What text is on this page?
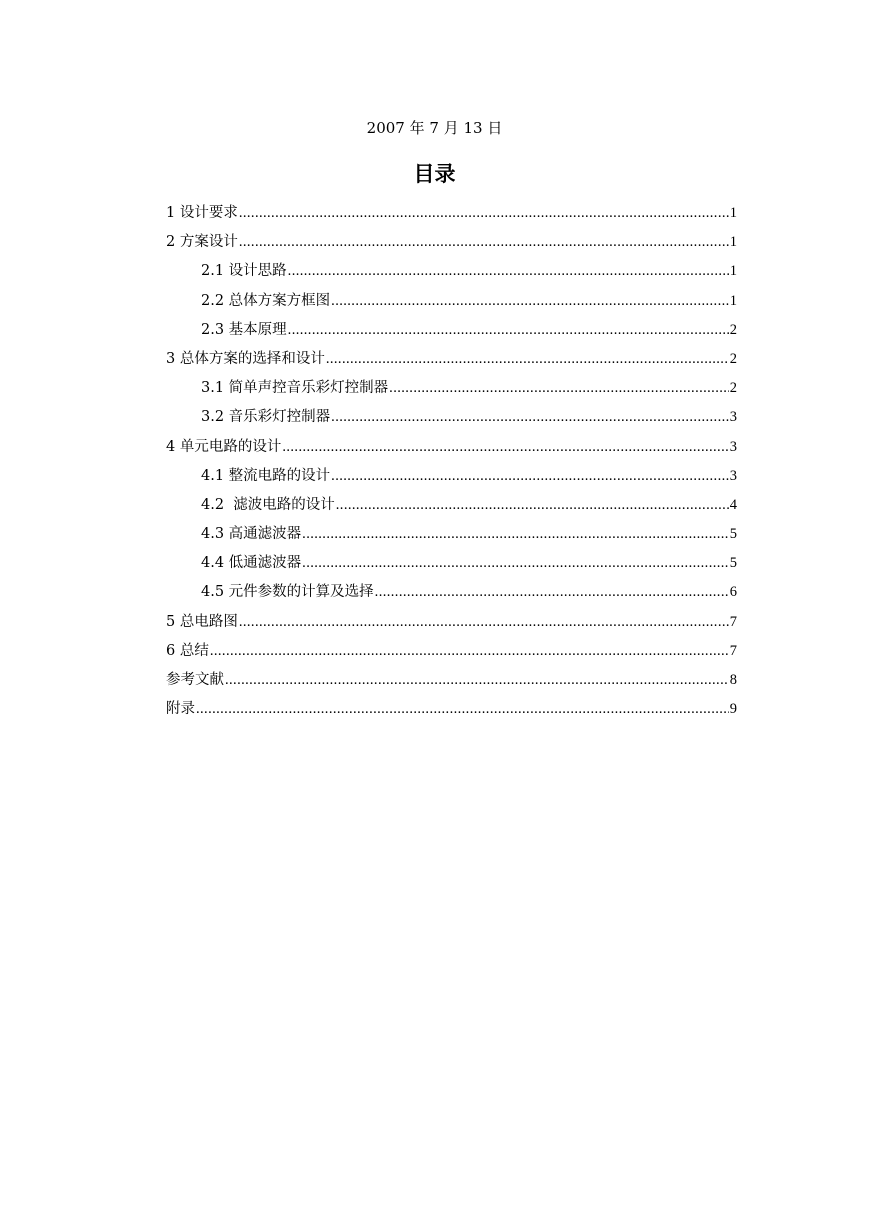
2007 年 7 月 13 日
目录
1 设计要求 .....	1
2 方案设计 .....	1
2.1 设计思路 .....	1
2.2 总体方案方框图 .....	1
2.3 基本原理 .....	2
3 总体方案的选择和设计 .....	2
3.1 简单声控音乐彩灯控制器 .....	2
3.2 音乐彩灯控制器 .....	3
4 单元电路的设计 .....	3
4.1 整流电路的设计 .....	3
4.2  滤波电路的设计 .....	4
4.3 高通滤波器 .....	5
4.4 低通滤波器 .....	5
4.5 元件参数的计算及选择 .....	6
5 总电路图 .....	7
6 总结 .....	7
参考文献 .....	8
附录 .....	9
